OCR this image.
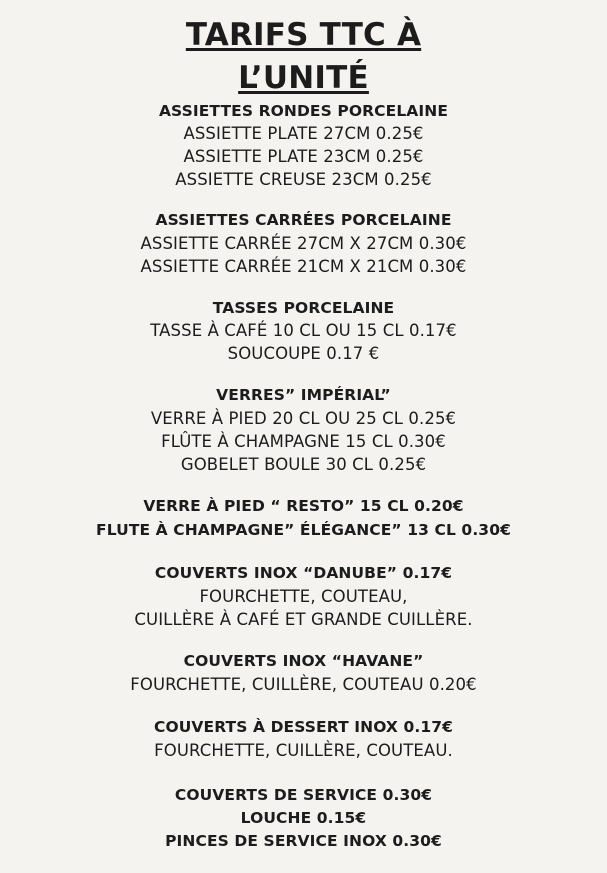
TARIFS TTC À
L’UNITÉ
ASSIETTES RONDES PORCELAINE
ASSIETTE PLATE 27CM 0.25€
ASSIETTE PLATE 23CM 0.25€
ASSIETTE CREUSE 23CM 0.25€
ASSIETTES CARRÉES PORCELAINE
ASSIETTE CARRÉE 27CM X 27CM 0.30€
ASSIETTE CARRÉE 21CM X 21CM 0.30€
TASSES PORCELAINE
TASSE À CAFÉ 10 CL OU 15 CL 0.17€
SOUCOUPE 0.17 €
VERRES” IMPÉRIAL”
VERRE À PIED 20 CL OU 25 CL 0.25€
FLÛTE À CHAMPAGNE 15 CL 0.30€
GOBELET BOULE 30 CL 0.25€
VERRE À PIED “ RESTO” 15 CL 0.20€
FLUTE À CHAMPAGNE” ÉLÉGANCE” 13 CL 0.30€
COUVERTS INOX “DANUBE” 0.17€
FOURCHETTE, COUTEAU,
CUILLÈRE À CAFÉ ET GRANDE CUILLÈRE.
COUVERTS INOX “HAVANE”
FOURCHETTE, CUILLÈRE, COUTEAU 0.20€
COUVERTS À DESSERT INOX 0.17€
FOURCHETTE, CUILLÈRE, COUTEAU.
COUVERTS DE SERVICE 0.30€
LOUCHE 0.15€
PINCES DE SERVICE INOX 0.30€
